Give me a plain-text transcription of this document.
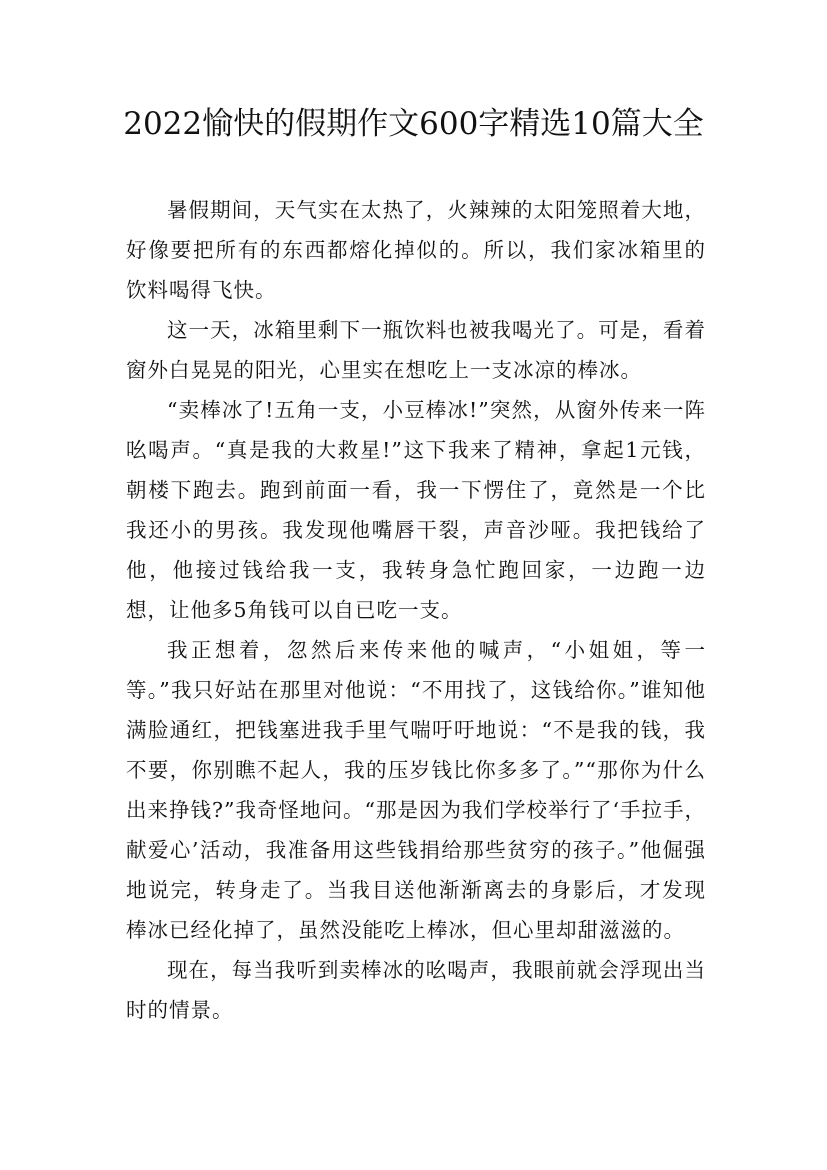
2022愉快的假期作文600字精选10篇大全

暑假期间，天气实在太热了，火辣辣的太阳笼照着大地，好像要把所有的东西都熔化掉似的。所以，我们家冰箱里的饮料喝得飞快。

这一天，冰箱里剩下一瓶饮料也被我喝光了。可是，看着窗外白晃晃的阳光，心里实在想吃上一支冰凉的棒冰。

“卖棒冰了!五角一支，小豆棒冰!”突然，从窗外传来一阵吆喝声。“真是我的大救星!”这下我来了精神，拿起1元钱，朝楼下跑去。跑到前面一看，我一下愣住了，竟然是一个比我还小的男孩。我发现他嘴唇干裂，声音沙哑。我把钱给了他，他接过钱给我一支，我转身急忙跑回家，一边跑一边想，让他多5角钱可以自已吃一支。

我正想着，忽然后来传来他的喊声，“小姐姐，等一等。”我只好站在那里对他说：“不用找了，这钱给你。”谁知他满脸通红，把钱塞进我手里气喘吁吁地说：“不是我的钱，我不要，你别瞧不起人，我的压岁钱比你多多了。”“那你为什么出来挣钱?”我奇怪地问。“那是因为我们学校举行了‘手拉手，献爱心’活动，我准备用这些钱捐给那些贫穷的孩子。”他倔强地说完，转身走了。当我目送他渐渐离去的身影后，才发现棒冰已经化掉了，虽然没能吃上棒冰，但心里却甜滋滋的。

现在，每当我听到卖棒冰的吆喝声，我眼前就会浮现出当时的情景。
